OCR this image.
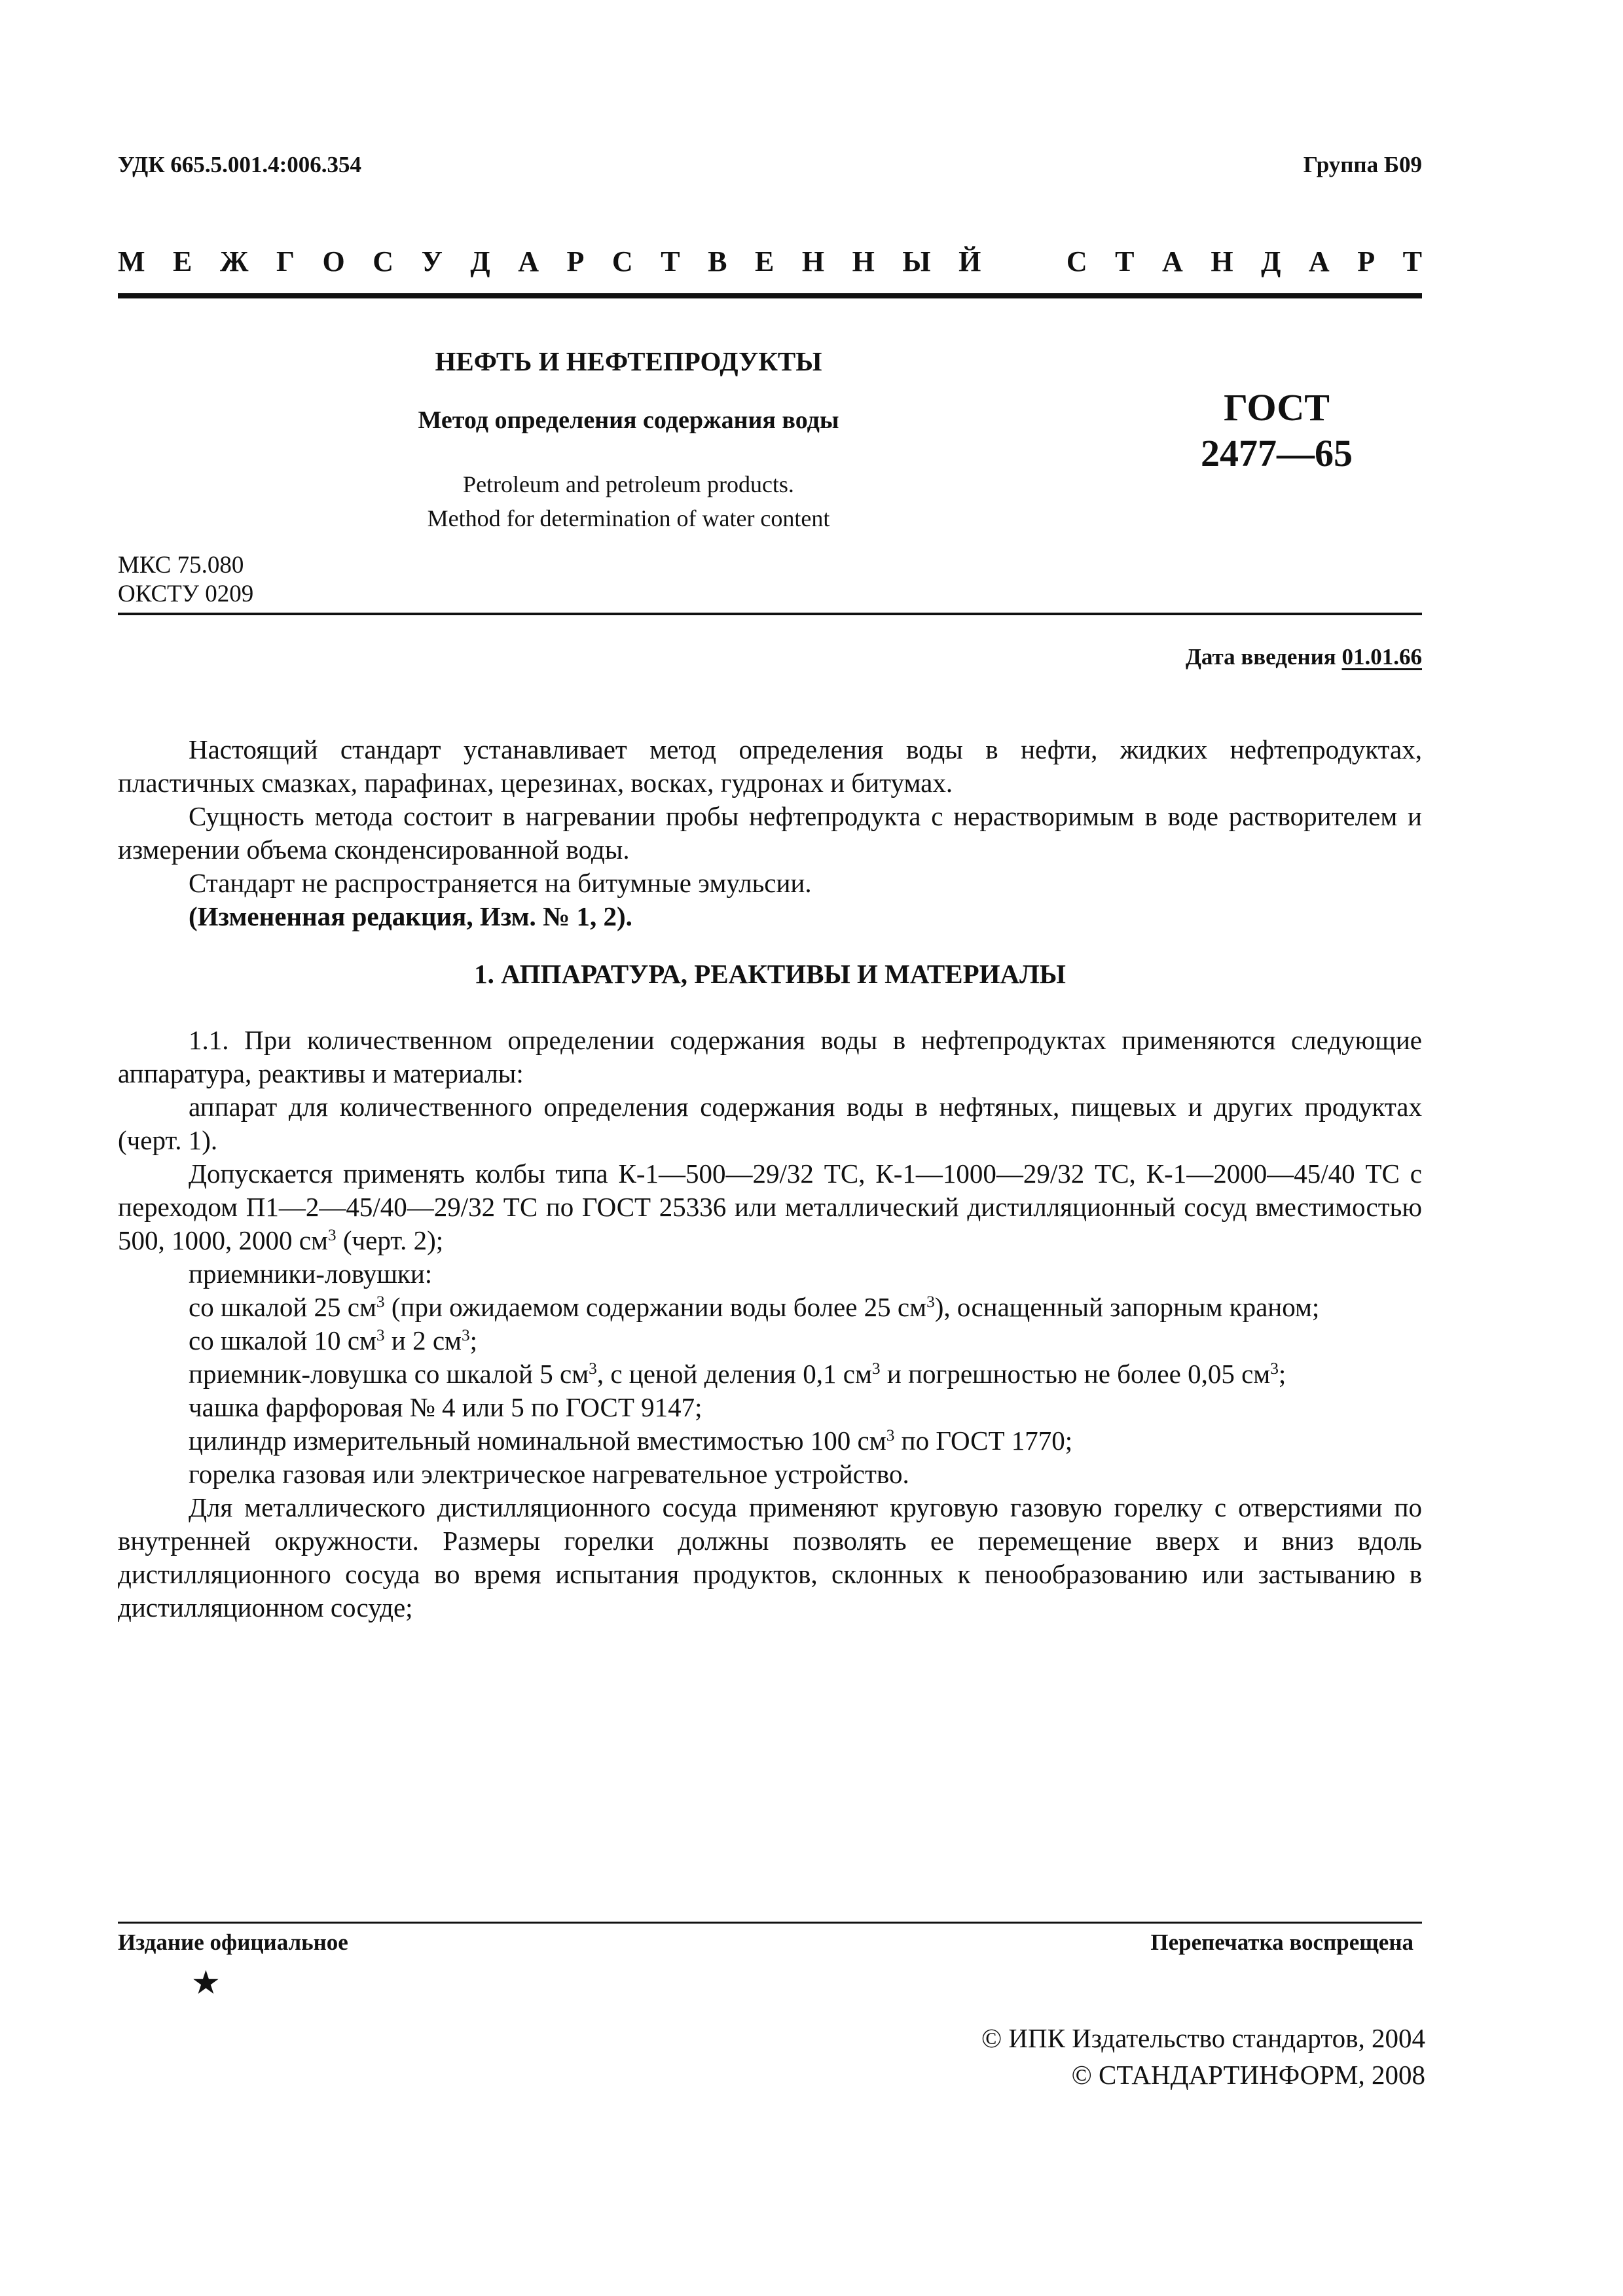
УДК 665.5.001.4:006.354	Группа Б09
М Е Ж Г О С У Д А Р С Т В Е Н Н Ы Й   С Т А Н Д А Р Т
НЕФТЬ И НЕФТЕПРОДУКТЫ
Метод определения содержания воды
Petroleum and petroleum products.
Method for determination of water content
ГОСТ
2477—65
МКС 75.080
ОКСТУ 0209
Дата введения 01.01.66

Настоящий стандарт устанавливает метод определения воды в нефти, жидких нефтепродуктах, пластичных смазках, парафинах, церезинах, восках, гудронах и битумах.

Сущность метода состоит в нагревании пробы нефтепродукта с нерастворимым в воде растворителем и измерении объема сконденсированной воды.

Стандарт не распространяется на битумные эмульсии.

(Измененная редакция, Изм. № 1, 2).

1. АППАРАТУРА, РЕАКТИВЫ И МАТЕРИАЛЫ

1.1. При количественном определении содержания воды в нефтепродуктах применяются следующие аппаратура, реактивы и материалы:

аппарат для количественного определения содержания воды в нефтяных, пищевых и других продуктах (черт. 1).

Допускается применять колбы типа К-1—500—29/32 ТС, К-1—1000—29/32 ТС, К-1—2000—45/40 ТС с переходом П1—2—45/40—29/32 ТС по ГОСТ 25336 или металлический дистилляционный сосуд вместимостью 500, 1000, 2000 $см^3$ (черт. 2);

приемники-ловушки:

со шкалой 25 $см^3$ (при ожидаемом содержании воды более 25 $см^3$), оснащенный запорным краном;

со шкалой 10 $см^3$ и 2 $см^3$;

приемник-ловушка со шкалой 5 $см^3$, с ценой деления 0,1 $см^3$ и погрешностью не более 0,05 $см^3$;

чашка фарфоровая № 4 или 5 по ГОСТ 9147;

цилиндр измерительный номинальной вместимостью 100 $см^3$ по ГОСТ 1770;

горелка газовая или электрическое нагревательное устройство.

Для металлического дистилляционного сосуда применяют круговую газовую горелку с отверстиями по внутренней окружности. Размеры горелки должны позволять ее перемещение вверх и вниз вдоль дистилляционного сосуда во время испытания продуктов, склонных к пенообразованию или застыванию в дистилляционном сосуде;

Издание официальное	Перепечатка воспрещена
★
© ИПК Издательство стандартов, 2004
© СТАНДАРТИНФОРМ, 2008
